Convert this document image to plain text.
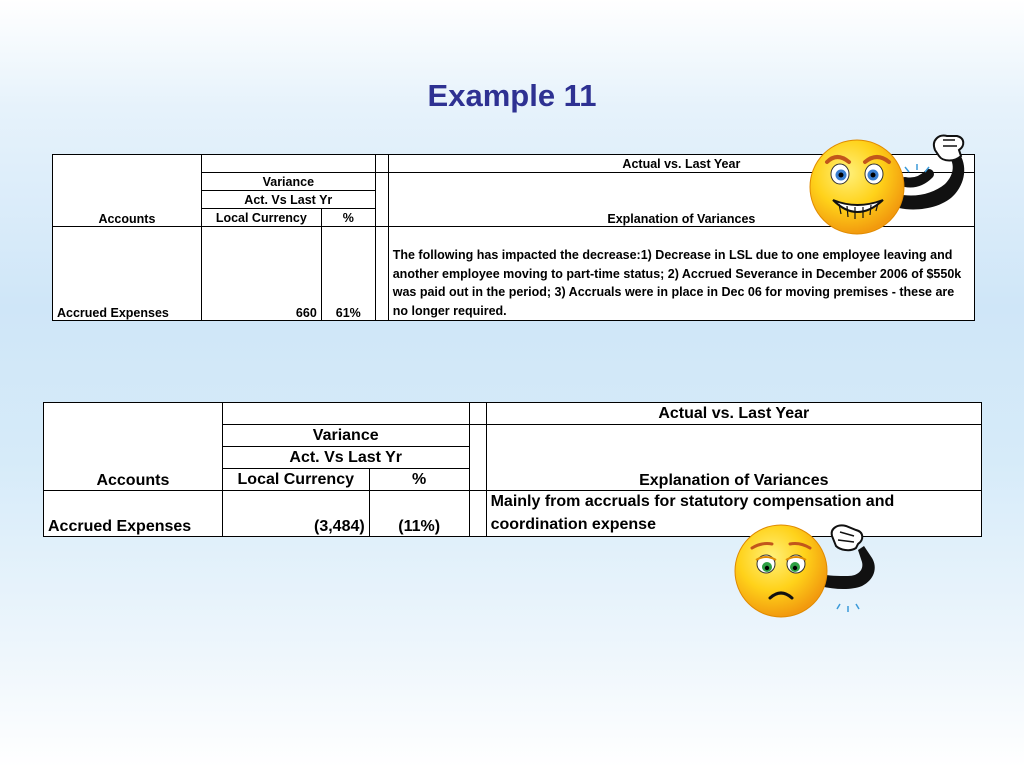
Example 11
Accounts				Actual vs. Last Year
	Variance			Explanation of Variances
	Act. Vs Last Yr			
	Local Currency	%		
Accrued Expenses	660	61%		The following has impacted the decrease:1) Decrease in LSL due to one employee leaving and another employee moving to part-time status; 2) Accrued Severance in December 2006 of $550k was paid out in the period; 3) Accruals were in place in Dec 06 for moving premises - these are no longer required.
Accounts				Actual vs. Last Year
	Variance			Explanation of Variances
	Act. Vs Last Yr			
	Local Currency	%		
Accrued Expenses	(3,484)	(11%)		Mainly from accruals for statutory compensation and coordination expense
